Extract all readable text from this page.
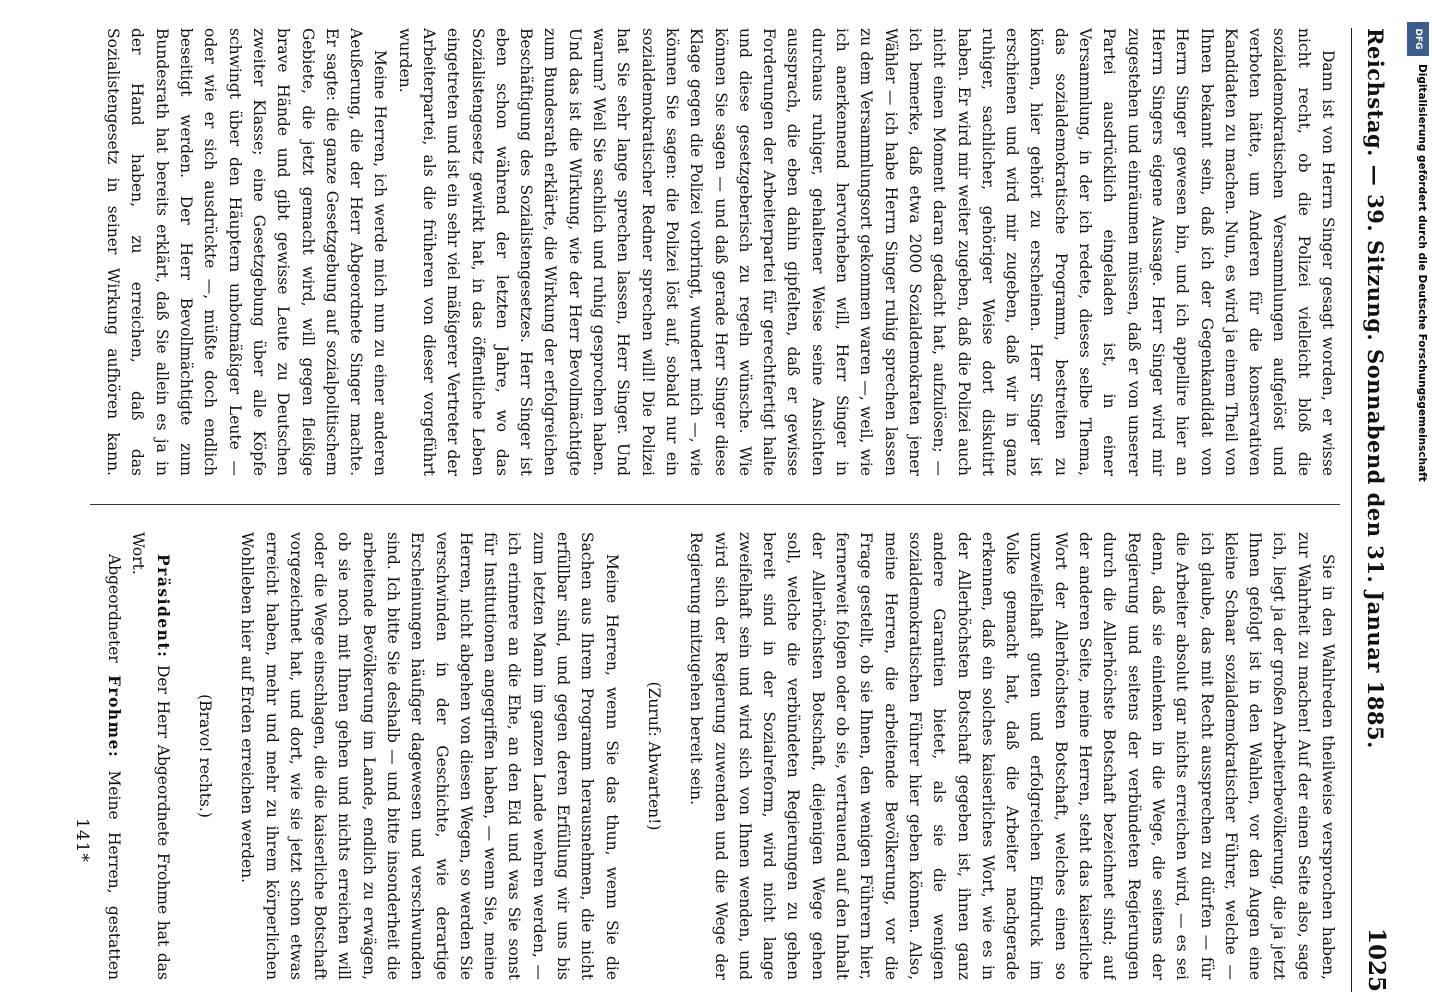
Reichstag. — 39. Sitzung. Sonnabend den 31. Januar 1885.
1025

Dann ist von Herrn Singer gesagt worden, er wisse nicht recht, ob die Polizei vielleicht bloß die sozialdemokratischen Versammlungen aufgelöst und verboten hätte, um Anderen für die konservativen Kandidaten zu machen. Nun, es wird ja einem Theil von Ihnen bekannt sein, daß ich der Gegenkandidat von Herrn Singer gewesen bin, und ich appellire hier an Herrn Singers eigene Aussage. Herr Singer wird mir zugestehen und einräumen müssen, daß er von unserer Partei ausdrücklich eingeladen ist, in einer Versammlung, in der ich redete, dieses selbe Thema, das sozialdemokratische Programm, bestreiten zu können, hier gehört zu erscheinen. Herr Singer ist erschienen und wird mir zugeben, daß wir in ganz ruhiger, sachlicher, gehöriger Weise dort diskutirt haben. Er wird mir weiter zugeben, daß die Polizei auch nicht einen Moment daran gedacht hat, aufzulösen; — ich bemerke, daß etwa 2000 Sozialdemokraten jener Wähler — ich habe Herrn Singer ruhig sprechen lassen zu dem Versammlungsort gekommen waren —, weil, wie ich anerkennend hervorheben will, Herr Singer in durchaus ruhiger, gehaltener Weise seine Ansichten aussprach, die eben dahin gipfelten, daß er gewisse Forderungen der Arbeiterpartei für gerechtfertigt halte und diese gesetzgeberisch zu regeln wünsche. Wie können Sie sagen — und daß gerade Herr Singer diese Klage gegen die Polizei vorbringt, wundert mich —, wie können Sie sagen: die Polizei löst auf, sobald nur ein sozialdemokratischer Redner sprechen will! Die Polizei hat Sie sehr lange sprechen lassen, Herr Singer. Und warum? Weil Sie sachlich und ruhig gesprochen haben. Und das ist die Wirkung, wie der Herr Bevollmächtigte zum Bundesrath erklärte, die Wirkung der erfolgreichen Beschäftigung des Sozialistengesetzes. Herr Singer ist eben schon während der letzten Jahre, wo das Sozialistengesetz gewirkt hat, in das öffentliche Leben eingetreten und ist ein sehr viel mäßigerer Vertreter der Arbeiterpartei, als die früheren von dieser vorgeführt wurden.

Meine Herren, ich werde mich nun zu einer anderen Aeußerung, die der Herr Abgeordnete Singer machte. Er sagte: die ganze Gesetzgebung auf sozialpolitischem Gebiete, die jetzt gemacht wird, will gegen fleißige brave Hände und gibt gewisse Leute zu Deutschen zweiter Klasse; eine Gesetzgebung über alle Köpfe schwingt über den Häuptern unbotmäßiger Leute — oder wie er sich ausdrückte —, müßte doch endlich beseitigt werden. Der Herr Bevollmächtigte zum Bundesrath hat bereits erklärt, daß Sie allein es ja in der Hand haben, zu erreichen, daß das Sozialistengesetz in seiner Wirkung aufhören kann.

Sie in den Wahlreden theilweise versprochen haben, zur Wahrheit zu machen! Auf der einen Seite also, sage ich, liegt ja der großen Arbeiterbevölkerung, die ja jetzt Ihnen gefolgt ist in den Wahlen, vor den Augen eine kleine Schaar sozialdemokratischer Führer, welche — ich glaube, das mit Recht aussprechen zu dürfen — für die Arbeiter absolut gar nichts erreichen wird, — es sei denn, daß sie einlenken in die Wege, die seitens der Regierung und seitens der verbündeten Regierungen durch die Allerhöchste Botschaft bezeichnet sind; auf der anderen Seite, meine Herren, steht das kaiserliche Wort der Allerhöchsten Botschaft, welches einen so unzweifelhaft guten und erfolgreichen Eindruck im Volke gemacht hat, daß die Arbeiter nachgerade erkennen, daß ein solches kaiserliches Wort, wie es in der Allerhöchsten Botschaft gegeben ist, ihnen ganz andere Garantien bietet, als sie die wenigen sozialdemokratischen Führer hier geben können. Also, meine Herren, die arbeitende Bevölkerung, vor die Frage gestellt, ob sie Ihnen, den wenigen Führern hier, fernerweit folgen oder ob sie, vertrauend auf den Inhalt der Allerhöchsten Botschaft, diejenigen Wege gehen soll, welche die verbündeten Regierungen zu gehen bereit sind in der Sozialreform, wird nicht lange zweifelhaft sein und wird sich von Ihnen wenden, und wird sich der Regierung zuwenden und die Wege der Regierung mitzugehen bereit sein.

(Zuruf: Abwarten!)

Meine Herren, wenn Sie das thun, wenn Sie die Sachen aus Ihrem Programm herausnehmen, die nicht erfüllbar sind, und gegen deren Erfüllung wir uns bis zum letzten Mann im ganzen Lande wehren werden, — ich erinnere an die Ehe, an den Eid und was Sie sonst für Institutionen angegriffen haben, — wenn Sie, meine Herren, nicht abgehen von diesen Wegen, so werden Sie verschwinden in der Geschichte, wie derartige Erscheinungen häufiger dagewesen und verschwunden sind. Ich bitte Sie deshalb — und bitte insonderheit die arbeitende Bevölkerung im Lande, endlich zu erwägen, ob sie noch mit Ihnen gehen und nichts erreichen will oder die Wege einschlagen, die die kaiserliche Botschaft vorgezeichnet hat, und dort, wie sie jetzt schon etwas erreicht haben, mehr und mehr zu ihrem körperlichen Wohlleben hier auf Erden erreichen werden.

(Bravo! rechts.)

Präsident: Der Herr Abgeordnete Frohme hat das Wort.

Abgeordneter Frohme: Meine Herren, gestatten

141*
DFG
Digitalisierung gefördert durch die Deutsche Forschungsgemeinschaft
